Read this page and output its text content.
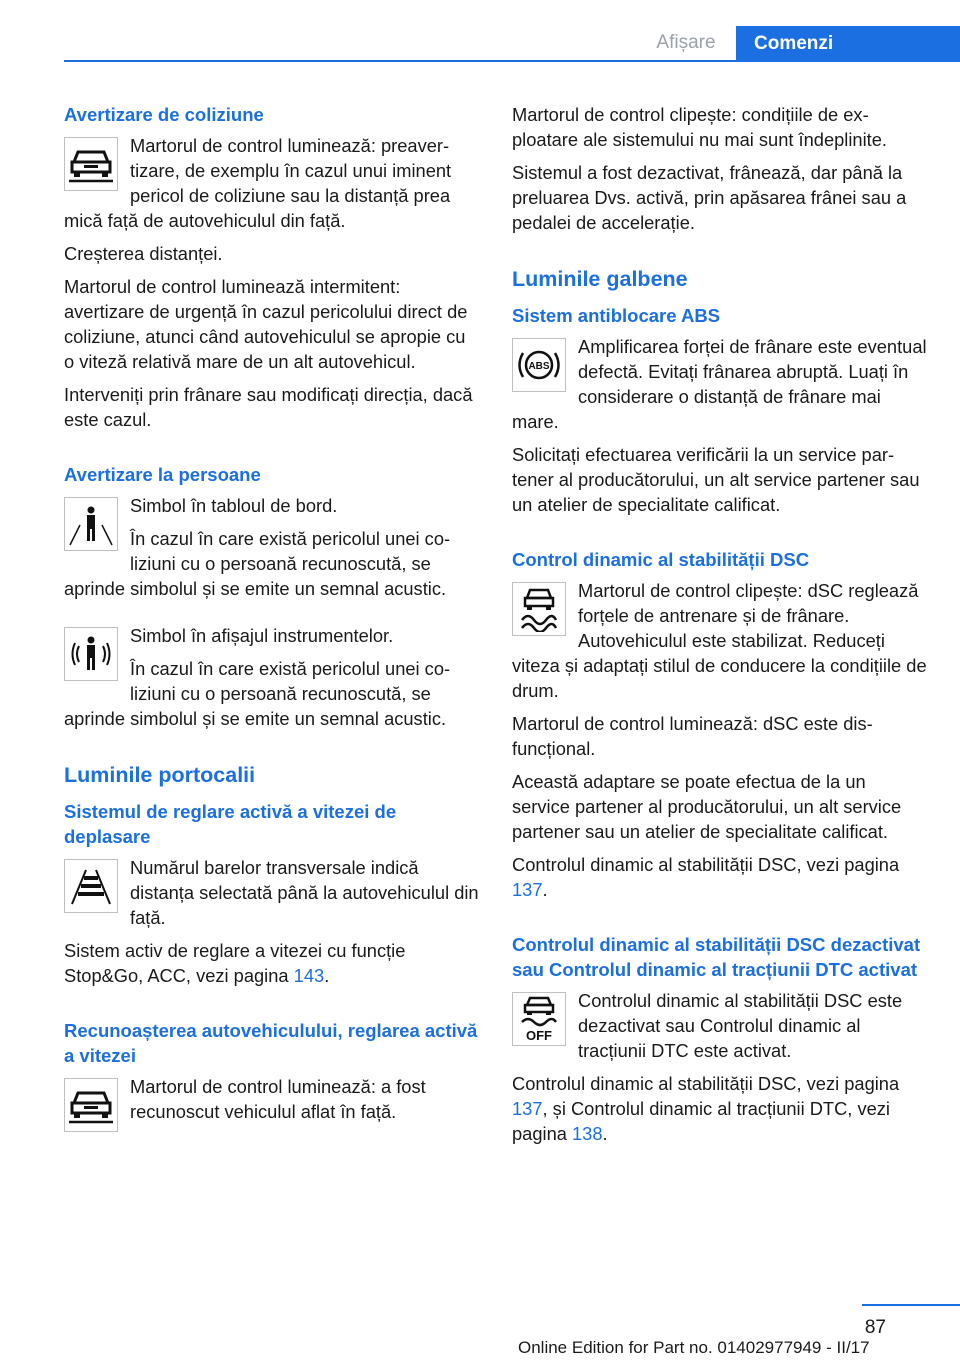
Afișare	Comenzi
Avertizare de coliziune

Martorul de control luminează: preavertizare, de exemplu în cazul unui iminent pericol de coliziune sau la distanță prea mică față de autovehiculul din față.

Creșterea distanței.

Martorul de control luminează intermitent: avertizare de urgență în cazul pericolului direct de coliziune, atunci când autovehiculul se apropie cu o viteză relativă mare de un alt autovehicul.

Interveniți prin frânare sau modificați direcția, dacă este cazul.

Avertizare la persoane

Simbol în tabloul de bord.

În cazul în care există pericolul unei coliziuni cu o persoană recunoscută, se aprinde simbolul și se emite un semnal acustic.

Simbol în afișajul instrumentelor.

În cazul în care există pericolul unei coliziuni cu o persoană recunoscută, se aprinde simbolul și se emite un semnal acustic.

Luminile portocalii
Sistemul de reglare activă a vitezei de deplasare

Numărul barelor transversale indică distanța selectată până la autovehiculul din față.

Sistem activ de reglare a vitezei cu funcție Stop&Go, ACC, vezi pagina 143.

Recunoașterea autovehiculului, reglarea activă a vitezei

Martorul de control luminează: a fost recunoscut vehiculul aflat în față.

Martorul de control clipește: condițiile de exploatare ale sistemului nu mai sunt îndeplinite.

Sistemul a fost dezactivat, frânează, dar până la preluarea Dvs. activă, prin apăsarea frânei sau a pedalei de accelerație.

Luminile galbene
Sistem antiblocare ABS
ABS

Amplificarea forței de frânare este eventual defectă. Evitați frânarea abruptă. Luați în considerare o distanță de frânare mai mare.

Solicitați efectuarea verificării la un service partener al producătorului, un alt service partener sau un atelier de specialitate calificat.

Control dinamic al stabilității DSC

Martorul de control clipește: dSC reglează forțele de antrenare și de frânare. Autovehiculul este stabilizat. Reduceți viteza și adaptați stilul de conducere la condițiile de drum.

Martorul de control luminează: dSC este disfuncțional.

Această adaptare se poate efectua de la un service partener al producătorului, un alt service partener sau un atelier de specialitate calificat.

Controlul dinamic al stabilității DSC, vezi pagina 137.

Controlul dinamic al stabilității DSC dezactivat sau Controlul dinamic al tracțiunii DTC activat
OFF

Controlul dinamic al stabilității DSC este dezactivat sau Controlul dinamic al tracțiunii DTC este activat.

Controlul dinamic al stabilității DSC, vezi pagina 137, și Controlul dinamic al tracțiunii DTC, vezi pagina 138.

87
Online Edition for Part no. 01402977949 - II/17
